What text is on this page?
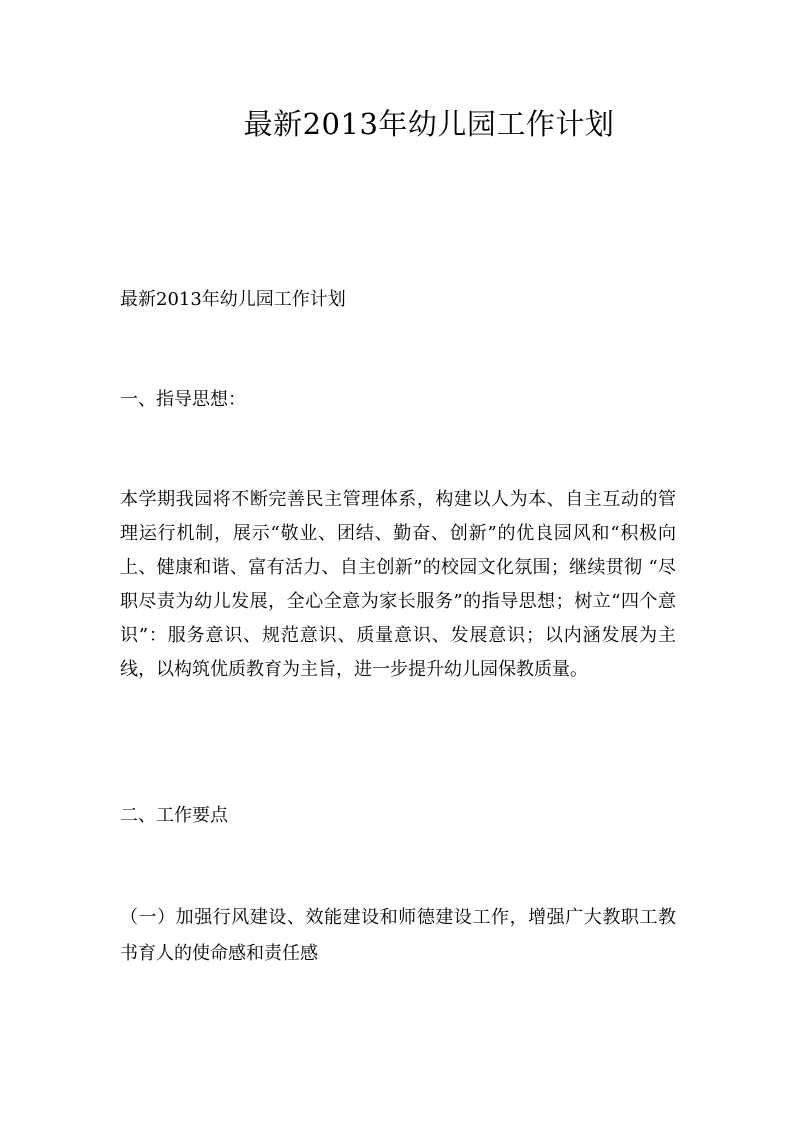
最新2013年幼儿园工作计划

最新2013年幼儿园工作计划

一、指导思想：

本学期我园将不断完善民主管理体系，构建以人为本、自主互动的管理运行机制，展示“敬业、团结、勤奋、创新”的优良园风和“积极向上、健康和谐、富有活力、自主创新”的校园文化氛围；继续贯彻 “尽职尽责为幼儿发展，全心全意为家长服务”的指导思想；树立“四个意识”：服务意识、规范意识、质量意识、发展意识；以内涵发展为主线，以构筑优质教育为主旨，进一步提升幼儿园保教质量。

二、工作要点

（一）加强行风建设、效能建设和师德建设工作，增强广大教职工教书育人的使命感和责任感
